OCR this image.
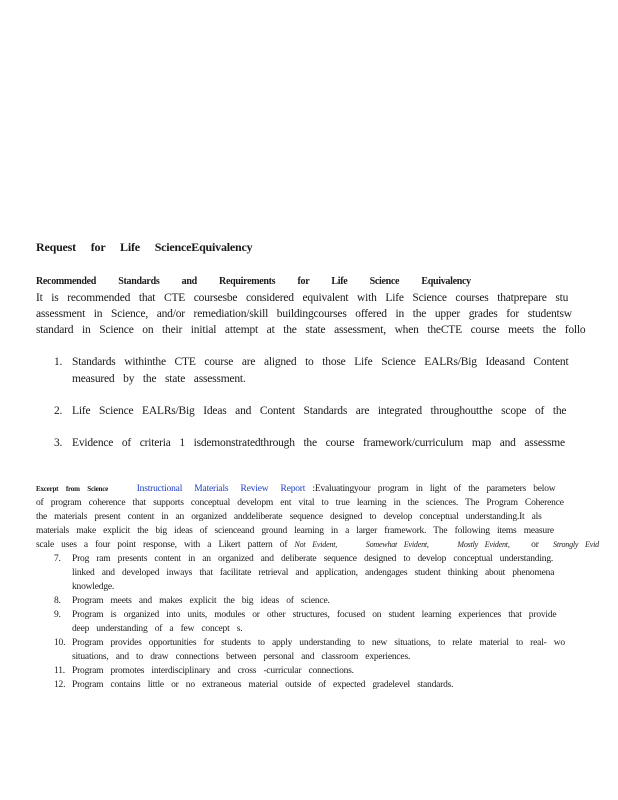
Request for Life ScienceEquivalency
Recommended Standards and Requirements for Life Science Equivalency
It is recommended that CTE coursesbe considered equivalent with Life Science courses thatprepare stu
assessment in Science, and/or remediation/skill buildingcourses offered in the upper grades for studentsw
standard in Science on their initial attempt at the state assessment, when theCTE course meets the follo
1. Standards withinthe CTE course are aligned to those Life Science EALRs/Big Ideasand Content
measured by the state assessment.
2. Life Science EALRs/Big Ideas and Content Standards are integrated throughoutthe scope of the
3. Evidence of criteria 1 isdemonstratedthrough the course framework/curriculum map and assessme
Excerpt from Science	Instructional Materials Review Report :Evaluatingyour program in light of the parameters below
of program coherence that supports conceptual developm ent vital to true learning in the sciences. The Program Coherence
the materials present content in an organized anddeliberate sequence designed to develop conceptual understanding.It als
materials make explicit the big ideas of scienceand ground learning in a larger framework. The following items measure
scale uses a four point response, with a Likert pattern of Not Evident,	Somewhat Evident,	Mostly Evident, or Strongly Evid
7. Prog ram presents content in an organized and deliberate sequence designed to develop conceptual understanding.
linked and developed inways that facilitate retrieval and application, andengages student thinking about phenomena
knowledge.
8. Program meets and makes explicit the big ideas of science.
9. Program is organized into units, modules or other structures, focused on student learning experiences that provide
deep understanding of a few concept s.
10. Program provides opportunities for students to apply understanding to new situations, to relate material to real- wo
situations, and to draw connections between personal and classroom experiences.
11. Program promotes interdisciplinary and cross -curricular connections.
12. Program contains little or no extraneous material outside of expected gradelevel standards.
